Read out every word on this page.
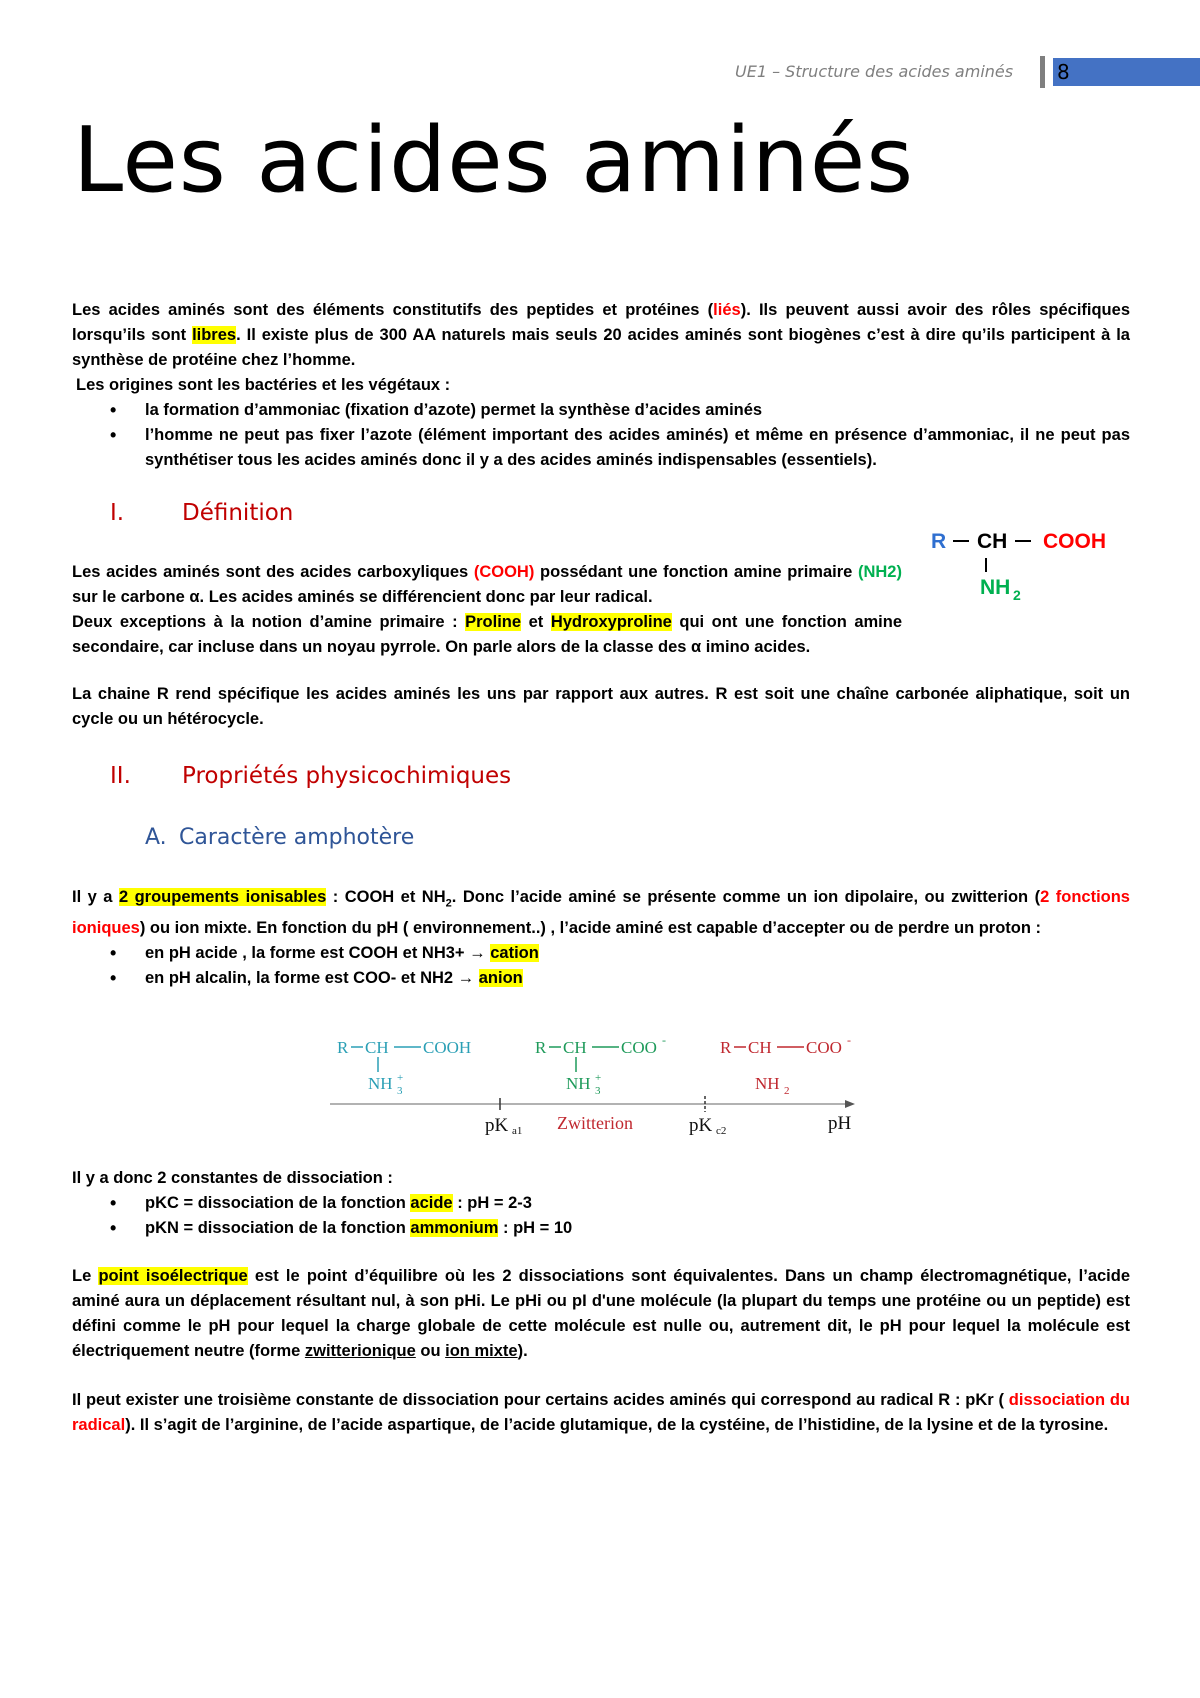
UE1 – Structure des acides aminés	8
Les acides aminés

Les acides aminés sont des éléments constitutifs des peptides et protéines (liés). Ils peuvent aussi avoir des rôles spécifiques lorsqu’ils sont libres. Il existe plus de 300 AA naturels mais seuls 20 acides aminés sont biogènes c’est à dire qu’ils participent à la synthèse de protéine chez l’homme.

Les origines sont les bactéries et les végétaux :

• la formation d’ammoniac (fixation d’azote) permet la synthèse d’acides aminés
• l’homme ne peut pas fixer l’azote (élément important des acides aminés) et même en présence d’ammoniac, il ne peut pas synthétiser tous les acides aminés donc il y a des acides aminés indispensables (essentiels).
I.	Définition
R CH COOH
NH 2

Les acides aminés sont des acides carboxyliques (COOH) possédant une fonction amine primaire (NH2) sur le carbone α. Les acides aminés se différencient donc par leur radical.

Deux exceptions à la notion d’amine primaire : Proline et Hydroxyproline qui ont une fonction amine secondaire, car incluse dans un noyau pyrrole. On parle alors de la classe des α imino acides.

La chaine R rend spécifique les acides aminés les uns par rapport aux autres. R est soit une chaîne carbonée aliphatique, soit un cycle ou un hétérocycle.
II. Propriétés physicochimiques
A. Caractère amphotère

Il y a 2 groupements ionisables : COOH et $NH_2$. Donc l’acide aminé se présente comme un ion dipolaire, ou zwitterion (2 fonctions ioniques) ou ion mixte. En fonction du pH ( environnement..) , l’acide aminé est capable d’accepter ou de perdre un proton :

• en pH acide , la forme est COOH et NH3+ → cation
• en pH alcalin, la forme est COO- et NH2 → anion
R CH COOH
NH 3
+
R CH COO -
NH 3
+
R CH COO -
NH 2
pK a1 Zwitterion	pK c2	pH

Il y a donc 2 constantes de dissociation :

• pKC = dissociation de la fonction acide : pH = 2-3
• pKN = dissociation de la fonction ammonium : pH = 10
Le point isoélectrique est le point d’équilibre où les 2 dissociations sont équivalentes. Dans un champ électromagnétique, l’acide aminé aura un déplacement résultant nul, à son pHi. Le pHi ou pI d'une molécule (la plupart du temps une protéine ou un peptide) est défini comme le pH pour lequel la charge globale de cette molécule est nulle ou, autrement dit, le pH pour lequel la molécule est électriquement neutre (forme zwitterionique ou ion mixte).
Il peut exister une troisième constante de dissociation pour certains acides aminés qui correspond au radical R : pKr ( dissociation du radical). Il s’agit de l’arginine, de l’acide aspartique, de l’acide glutamique, de la cystéine, de l’histidine, de la lysine et de la tyrosine.
